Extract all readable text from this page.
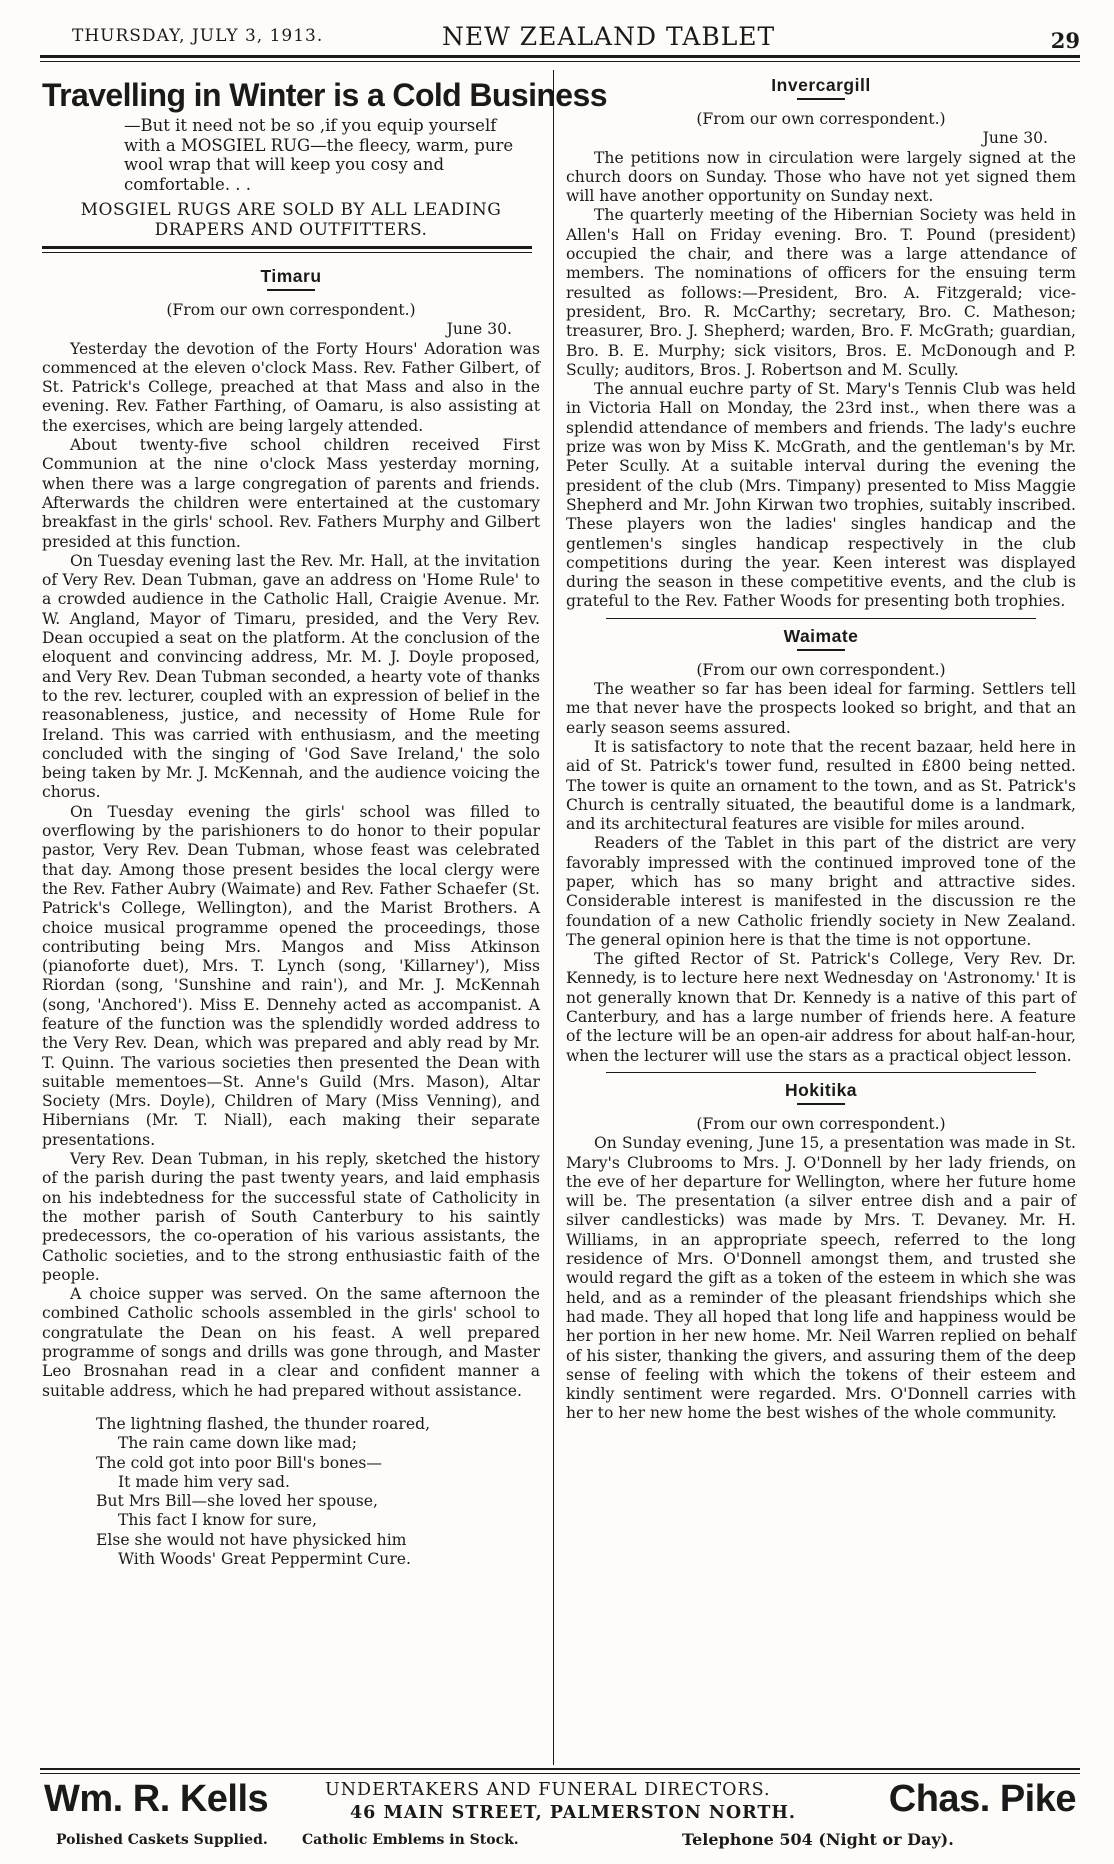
THURSDAY, JULY 3, 1913.	NEW ZEALAND TABLET	29
Travelling in Winter is a Cold Business
—But it need not be so ,if you equip yourself with a MOSGIEL RUG—the fleecy, warm, pure wool wrap that will keep you cosy and comfortable. . .
MOSGIEL RUGS ARE SOLD BY ALL LEADING DRAPERS AND OUTFITTERS.
Timaru
(From our own correspondent.)
June 30.

Yesterday the devotion of the Forty Hours' Adoration was commenced at the eleven o'clock Mass. Rev. Father Gilbert, of St. Patrick's College, preached at that Mass and also in the evening. Rev. Father Farthing, of Oamaru, is also assisting at the exercises, which are being largely attended.

About twenty-five school children received First Communion at the nine o'clock Mass yesterday morning, when there was a large congregation of parents and friends. Afterwards the children were entertained at the customary breakfast in the girls' school. Rev. Fathers Murphy and Gilbert presided at this function.

On Tuesday evening last the Rev. Mr. Hall, at the invitation of Very Rev. Dean Tubman, gave an address on 'Home Rule' to a crowded audience in the Catholic Hall, Craigie Avenue. Mr. W. Angland, Mayor of Timaru, presided, and the Very Rev. Dean occupied a seat on the platform. At the conclusion of the eloquent and convincing address, Mr. M. J. Doyle proposed, and Very Rev. Dean Tubman seconded, a hearty vote of thanks to the rev. lecturer, coupled with an expression of belief in the reasonableness, justice, and necessity of Home Rule for Ireland. This was carried with enthusiasm, and the meeting concluded with the singing of 'God Save Ireland,' the solo being taken by Mr. J. McKennah, and the audience voicing the chorus.

On Tuesday evening the girls' school was filled to overflowing by the parishioners to do honor to their popular pastor, Very Rev. Dean Tubman, whose feast was celebrated that day. Among those present besides the local clergy were the Rev. Father Aubry (Waimate) and Rev. Father Schaefer (St. Patrick's College, Wellington), and the Marist Brothers. A choice musical programme opened the proceedings, those contributing being Mrs. Mangos and Miss Atkinson (pianoforte duet), Mrs. T. Lynch (song, 'Killarney'), Miss Riordan (song, 'Sunshine and rain'), and Mr. J. McKennah (song, 'Anchored'). Miss E. Dennehy acted as accompanist. A feature of the function was the splendidly worded address to the Very Rev. Dean, which was prepared and ably read by Mr. T. Quinn. The various societies then presented the Dean with suitable mementoes—St. Anne's Guild (Mrs. Mason), Altar Society (Mrs. Doyle), Children of Mary (Miss Venning), and Hibernians (Mr. T. Niall), each making their separate presentations.

Very Rev. Dean Tubman, in his reply, sketched the history of the parish during the past twenty years, and laid emphasis on his indebtedness for the successful state of Catholicity in the mother parish of South Canterbury to his saintly predecessors, the co-operation of his various assistants, the Catholic societies, and to the strong enthusiastic faith of the people.

A choice supper was served. On the same afternoon the combined Catholic schools assembled in the girls' school to congratulate the Dean on his feast. A well prepared programme of songs and drills was gone through, and Master Leo Brosnahan read in a clear and confident manner a suitable address, which he had prepared without assistance.

The lightning flashed, the thunder roared,
The rain came down like mad;
The cold got into poor Bill's bones—
It made him very sad.
But Mrs Bill—she loved her spouse,
This fact I know for sure,
Else she would not have physicked him
With Woods' Great Peppermint Cure.
Invercargill
(From our own correspondent.)
June 30.

The petitions now in circulation were largely signed at the church doors on Sunday. Those who have not yet signed them will have another opportunity on Sunday next.

The quarterly meeting of the Hibernian Society was held in Allen's Hall on Friday evening. Bro. T. Pound (president) occupied the chair, and there was a large attendance of members. The nominations of officers for the ensuing term resulted as follows:—President, Bro. A. Fitzgerald; vice-president, Bro. R. McCarthy; secretary, Bro. C. Matheson; treasurer, Bro. J. Shepherd; warden, Bro. F. McGrath; guardian, Bro. B. E. Murphy; sick visitors, Bros. E. McDonough and P. Scully; auditors, Bros. J. Robertson and M. Scully.

The annual euchre party of St. Mary's Tennis Club was held in Victoria Hall on Monday, the 23rd inst., when there was a splendid attendance of members and friends. The lady's euchre prize was won by Miss K. McGrath, and the gentleman's by Mr. Peter Scully. At a suitable interval during the evening the president of the club (Mrs. Timpany) presented to Miss Maggie Shepherd and Mr. John Kirwan two trophies, suitably inscribed. These players won the ladies' singles handicap and the gentlemen's singles handicap respectively in the club competitions during the year. Keen interest was displayed during the season in these competitive events, and the club is grateful to the Rev. Father Woods for presenting both trophies.

Waimate
(From our own correspondent.)

The weather so far has been ideal for farming. Settlers tell me that never have the prospects looked so bright, and that an early season seems assured.

It is satisfactory to note that the recent bazaar, held here in aid of St. Patrick's tower fund, resulted in £800 being netted. The tower is quite an ornament to the town, and as St. Patrick's Church is centrally situated, the beautiful dome is a landmark, and its architectural features are visible for miles around.

Readers of the Tablet in this part of the district are very favorably impressed with the continued improved tone of the paper, which has so many bright and attractive sides. Considerable interest is manifested in the discussion re the foundation of a new Catholic friendly society in New Zealand. The general opinion here is that the time is not opportune.

The gifted Rector of St. Patrick's College, Very Rev. Dr. Kennedy, is to lecture here next Wednesday on 'Astronomy.' It is not generally known that Dr. Kennedy is a native of this part of Canterbury, and has a large number of friends here. A feature of the lecture will be an open-air address for about half-an-hour, when the lecturer will use the stars as a practical object lesson.

Hokitika
(From our own correspondent.)

On Sunday evening, June 15, a presentation was made in St. Mary's Clubrooms to Mrs. J. O'Donnell by her lady friends, on the eve of her departure for Wellington, where her future home will be. The presentation (a silver entree dish and a pair of silver candlesticks) was made by Mrs. T. Devaney. Mr. H. Williams, in an appropriate speech, referred to the long residence of Mrs. O'Donnell amongst them, and trusted she would regard the gift as a token of the esteem in which she was held, and as a reminder of the pleasant friendships which she had made. They all hoped that long life and happiness would be her portion in her new home. Mr. Neil Warren replied on behalf of his sister, thanking the givers, and assuring them of the deep sense of feeling with which the tokens of their esteem and kindly sentiment were regarded. Mrs. O'Donnell carries with her to her new home the best wishes of the whole community.

Wm. R. Kells	UNDERTAKERS AND FUNERAL DIRECTORS.
46 MAIN STREET, PALMERSTON NORTH. Chas. Pike
Polished Caskets Supplied. Catholic Emblems in Stock.	Telephone 504 (Night or Day).
